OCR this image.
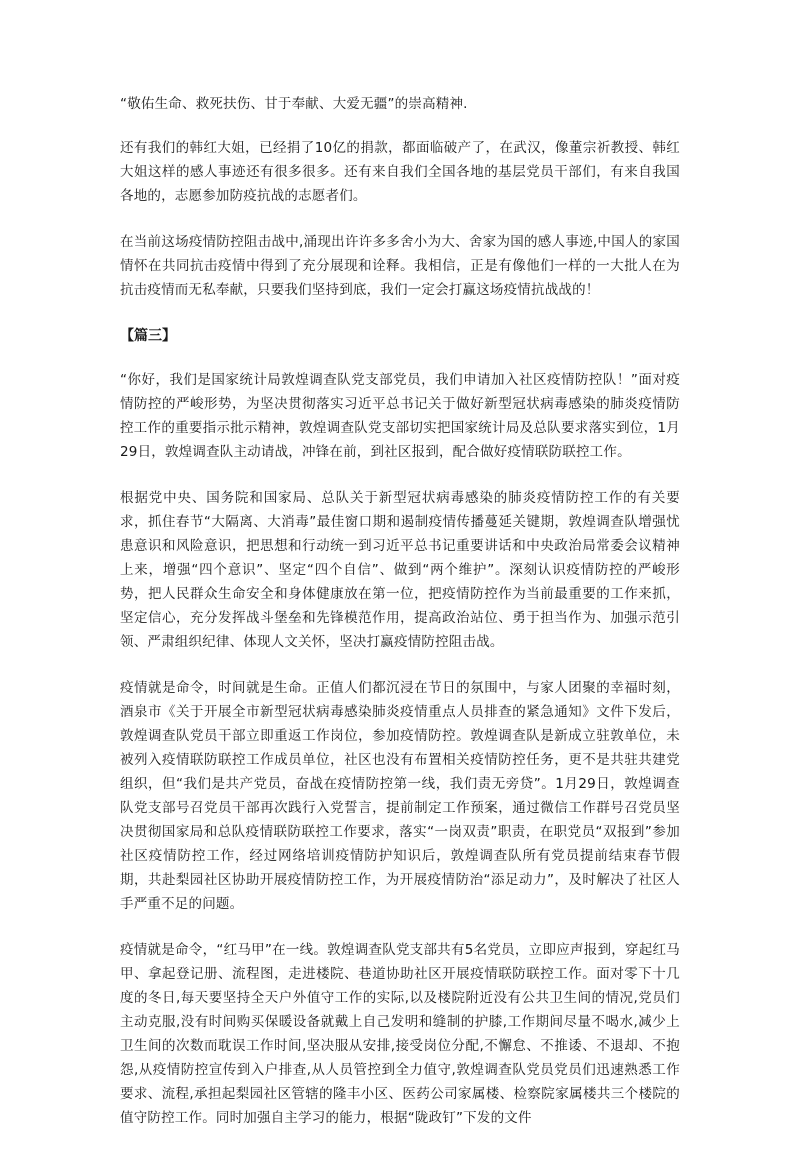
“敬佑生命、救死扶伤、甘于奉献、大爱无疆”的崇高精神.

还有我们的韩红大姐，已经捐了10亿的捐款，都面临破产了，在武汉，像董宗祈教授、韩红大姐这样的感人事迹还有很多很多。还有来自我们全国各地的基层党员干部们，有来自我国各地的，志愿参加防疫抗战的志愿者们。

在当前这场疫情防控阻击战中,涌现出许许多多舍小为大、舍家为国的感人事迹,中国人的家国情怀在共同抗击疫情中得到了充分展现和诠释。我相信，正是有像他们一样的一大批人在为抗击疫情而无私奉献，只要我们坚持到底，我们一定会打赢这场疫情抗战战的！

【篇三】

“你好，我们是国家统计局敦煌调查队党支部党员，我们申请加入社区疫情防控队！”面对疫情防控的严峻形势，为坚决贯彻落实习近平总书记关于做好新型冠状病毒感染的肺炎疫情防控工作的重要指示批示精神，敦煌调查队党支部切实把国家统计局及总队要求落实到位，1月29日，敦煌调查队主动请战，冲锋在前，到社区报到，配合做好疫情联防联控工作。

根据党中央、国务院和国家局、总队关于新型冠状病毒感染的肺炎疫情防控工作的有关要求，抓住春节“大隔离、大消毒”最佳窗口期和遏制疫情传播蔓延关键期，敦煌调查队增强忧患意识和风险意识，把思想和行动统一到习近平总书记重要讲话和中央政治局常委会议精神上来，增强“四个意识”、坚定“四个自信”、做到“两个维护”。深刻认识疫情防控的严峻形势，把人民群众生命安全和身体健康放在第一位，把疫情防控作为当前最重要的工作来抓，坚定信心，充分发挥战斗堡垒和先锋模范作用，提高政治站位、勇于担当作为、加强示范引领、严肃组织纪律、体现人文关怀，坚决打赢疫情防控阻击战。

疫情就是命令，时间就是生命。正值人们都沉浸在节日的氛围中，与家人团聚的幸福时刻，酒泉市《关于开展全市新型冠状病毒感染肺炎疫情重点人员排查的紧急通知》文件下发后，敦煌调查队党员干部立即重返工作岗位，参加疫情防控。敦煌调查队是新成立驻敦单位，未被列入疫情联防联控工作成员单位，社区也没有布置相关疫情防控任务，更不是共驻共建党组织，但“我们是共产党员，奋战在疫情防控第一线，我们责无旁贷”。1月29日，敦煌调查队党支部号召党员干部再次践行入党誓言，提前制定工作预案，通过微信工作群号召党员坚决贯彻国家局和总队疫情联防联控工作要求，落实“一岗双责”职责，在职党员“双报到”参加社区疫情防控工作，经过网络培训疫情防护知识后，敦煌调查队所有党员提前结束春节假期，共赴梨园社区协助开展疫情防控工作，为开展疫情防治“添足动力”，及时解决了社区人手严重不足的问题。

疫情就是命令，“红马甲”在一线。敦煌调查队党支部共有5名党员，立即应声报到，穿起红马甲、拿起登记册、流程图，走进楼院、巷道协助社区开展疫情联防联控工作。面对零下十几度的冬日,每天要坚持全天户外值守工作的实际,以及楼院附近没有公共卫生间的情况,党员们主动克服,没有时间购买保暖设备就戴上自己发明和缝制的护膝,工作期间尽量不喝水,减少上卫生间的次数而耽误工作时间,坚决服从安排,接受岗位分配,不懈怠、不推诿、不退却、不抱怨,从疫情防控宣传到入户排查,从人员管控到全力值守,敦煌调查队党员党员们迅速熟悉工作要求、流程,承担起梨园社区管辖的隆丰小区、医药公司家属楼、检察院家属楼共三个楼院的值守防控工作。同时加强自主学习的能力，根据“陇政钉”下发的文件
